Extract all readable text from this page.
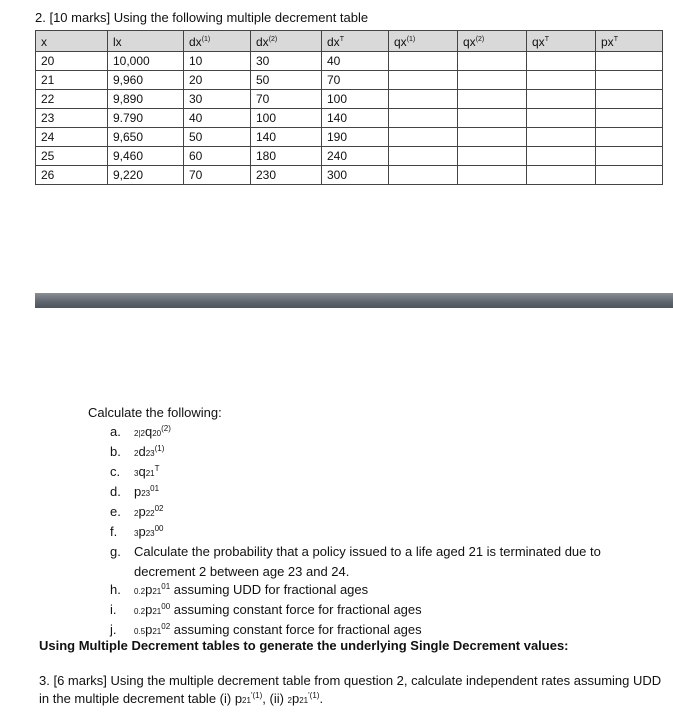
2. [10 marks] Using the following multiple decrement table
x	lx	$dx^{(1)}$	$dx^{(2)}$	$dx^T$	$qx^{(1)}$	$qx^{(2)}$	$qx^T$	$px^T$
20	10,000	10	30	40				
21	9,960	20	50	70				
22	9,890	30	70	100				
23	9.790	40	100	140				
24	9,650	50	140	190				
25	9,460	60	180	240				
26	9,220	70	230	300				
Calculate the following:
a.	2|2q20$^{(2)}$
b.	2d23$^{(1)}$
c.	$3q21^T$
d.	$p23^{01}$
e.	$2p22^{02}$
f.	$3p23^{00}$
g.	Calculate the probability that a policy issued to a life aged 21 is terminated due to decrement 2 between age 23 and 24.
h.	$0.2p21^{01}$ assuming UDD for fractional ages
i.	$0.2p21^{00}$ assuming constant force for fractional ages
j.	$0.5p21^{02}$ assuming constant force for fractional ages
Using Multiple Decrement tables to generate the underlying Single Decrement values:
3. [6 marks] Using the multiple decrement table from question 2, calculate independent rates assuming UDD in the multiple decrement table (i) $p21^{'(1)}$, (ii) $2p21^{'(1)}$.
